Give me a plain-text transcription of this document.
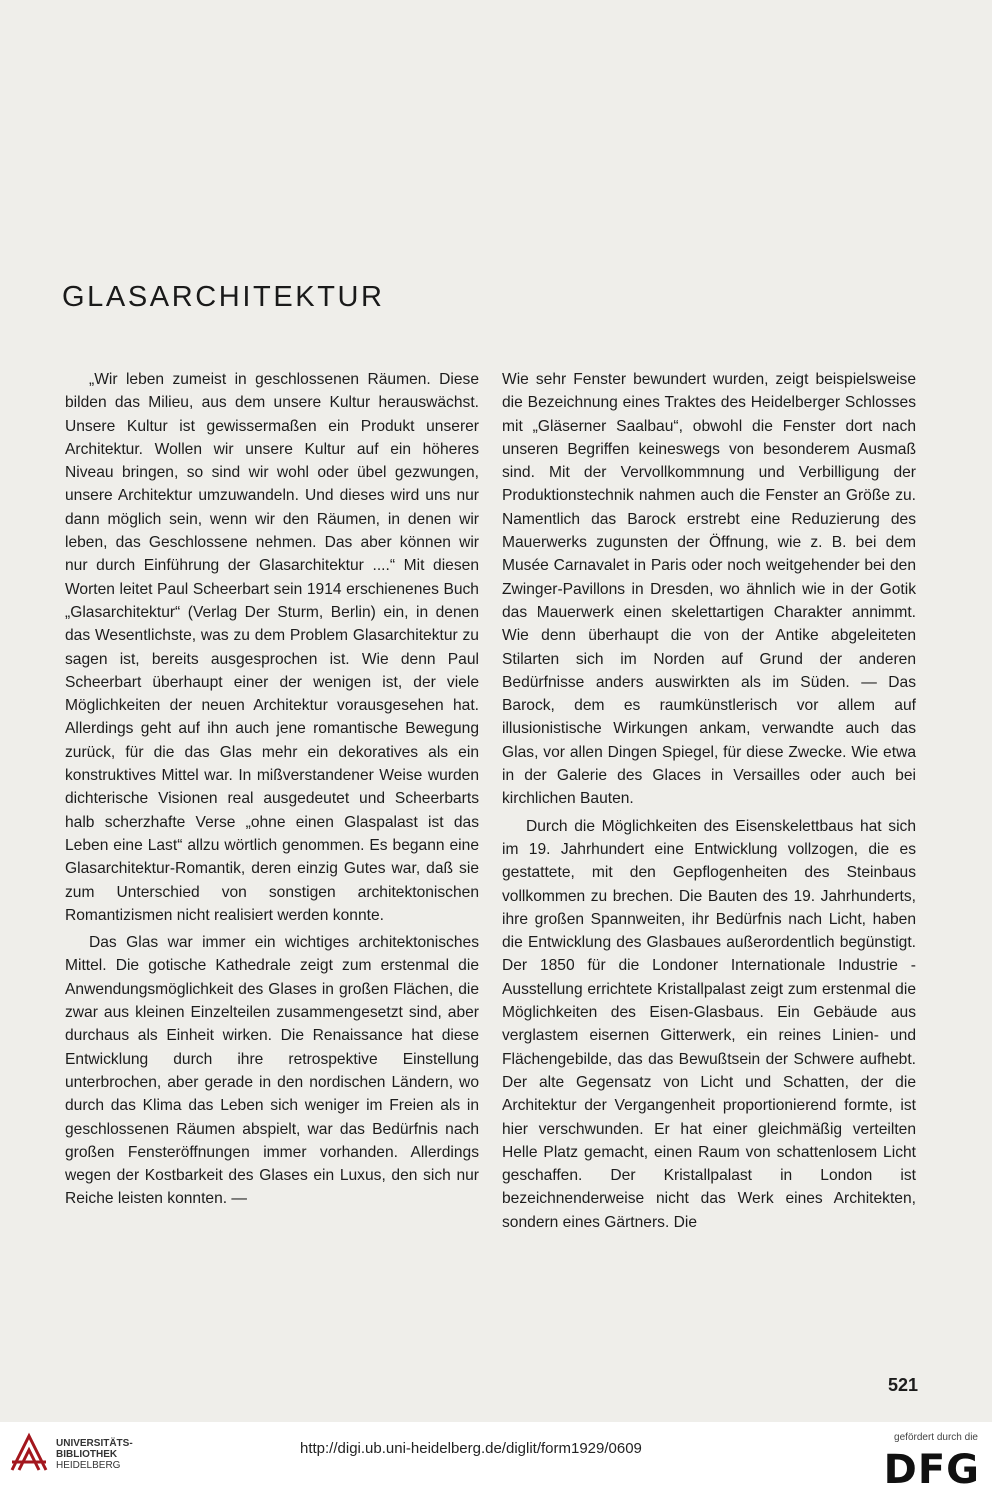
GLASARCHITEKTUR

„Wir leben zumeist in geschlossenen Räumen. Diese bilden das Milieu, aus dem unsere Kultur herauswächst. Unsere Kultur ist gewissermaßen ein Produkt unserer Architektur. Wollen wir unsere Kultur auf ein höheres Niveau bringen, so sind wir wohl oder übel gezwungen, unsere Architektur umzuwandeln. Und dieses wird uns nur dann möglich sein, wenn wir den Räumen, in denen wir leben, das Geschlossene nehmen. Das aber können wir nur durch Einführung der Glasarchitektur ....“ Mit diesen Worten leitet Paul Scheerbart sein 1914 erschienenes Buch „Glasarchitektur“ (Verlag Der Sturm, Berlin) ein, in denen das Wesentlichste, was zu dem Problem Glasarchitektur zu sagen ist, bereits ausgesprochen ist. Wie denn Paul Scheerbart überhaupt einer der wenigen ist, der viele Möglichkeiten der neuen Architektur vorausgesehen hat. Allerdings geht auf ihn auch jene romantische Bewegung zurück, für die das Glas mehr ein dekoratives als ein konstruktives Mittel war. In mißverstandener Weise wurden dichterische Visionen real ausgedeutet und Scheerbarts halb scherzhafte Verse „ohne einen Glaspalast ist das Leben eine Last“ allzu wörtlich genommen. Es begann eine Glasarchitektur-Romantik, deren einzig Gutes war, daß sie zum Unterschied von sonstigen architektonischen Romantizismen nicht realisiert werden konnte.

Das Glas war immer ein wichtiges architektonisches Mittel. Die gotische Kathedrale zeigt zum erstenmal die Anwendungsmöglichkeit des Glases in großen Flächen, die zwar aus kleinen Einzelteilen zusammengesetzt sind, aber durchaus als Einheit wirken. Die Renaissance hat diese Entwicklung durch ihre retrospektive Einstellung unterbrochen, aber gerade in den nordischen Ländern, wo durch das Klima das Leben sich weniger im Freien als in geschlossenen Räumen abspielt, war das Bedürfnis nach großen Fensteröffnungen immer vorhanden. Allerdings wegen der Kostbarkeit des Glases ein Luxus, den sich nur Reiche leisten konnten. —

Wie sehr Fenster bewundert wurden, zeigt beispielsweise die Bezeichnung eines Traktes des Heidelberger Schlosses mit „Gläserner Saalbau“, obwohl die Fenster dort nach unseren Begriffen keineswegs von besonderem Ausmaß sind. Mit der Vervollkommnung und Verbilligung der Produktionstechnik nahmen auch die Fenster an Größe zu. Namentlich das Barock erstrebt eine Reduzierung des Mauerwerks zugunsten der Öffnung, wie z. B. bei dem Musée Carnavalet in Paris oder noch weitgehender bei den Zwinger-Pavillons in Dresden, wo ähnlich wie in der Gotik das Mauerwerk einen skelettartigen Charakter annimmt. Wie denn überhaupt die von der Antike abgeleiteten Stilarten sich im Norden auf Grund der anderen Bedürfnisse anders auswirkten als im Süden. — Das Barock, dem es raumkünstlerisch vor allem auf illusionistische Wirkungen ankam, verwandte auch das Glas, vor allen Dingen Spiegel, für diese Zwecke. Wie etwa in der Galerie des Glaces in Versailles oder auch bei kirchlichen Bauten.

Durch die Möglichkeiten des Eisenskelettbaus hat sich im 19. Jahrhundert eine Entwicklung vollzogen, die es gestattete, mit den Gepflogenheiten des Steinbaus vollkommen zu brechen. Die Bauten des 19. Jahrhunderts, ihre großen Spannweiten, ihr Bedürfnis nach Licht, haben die Entwicklung des Glasbaues außerordentlich begünstigt. Der 1850 für die Londoner Internationale Industrie - Ausstellung errichtete Kristallpalast zeigt zum erstenmal die Möglichkeiten des Eisen-Glasbaus. Ein Gebäude aus verglastem eisernen Gitterwerk, ein reines Linien- und Flächengebilde, das das Bewußtsein der Schwere aufhebt. Der alte Gegensatz von Licht und Schatten, der die Architektur der Vergangenheit proportionierend formte, ist hier verschwunden. Er hat einer gleichmäßig verteilten Helle Platz gemacht, einen Raum von schattenlosem Licht geschaffen. Der Kristallpalast in London ist bezeichnenderweise nicht das Werk eines Architekten, sondern eines Gärtners. Die

521
UNIVERSITÄTS-
BIBLIOTHEK
HEIDELBERG
http://digi.ub.uni-heidelberg.de/diglit/form1929/0609
gefördert durch die
DFG
